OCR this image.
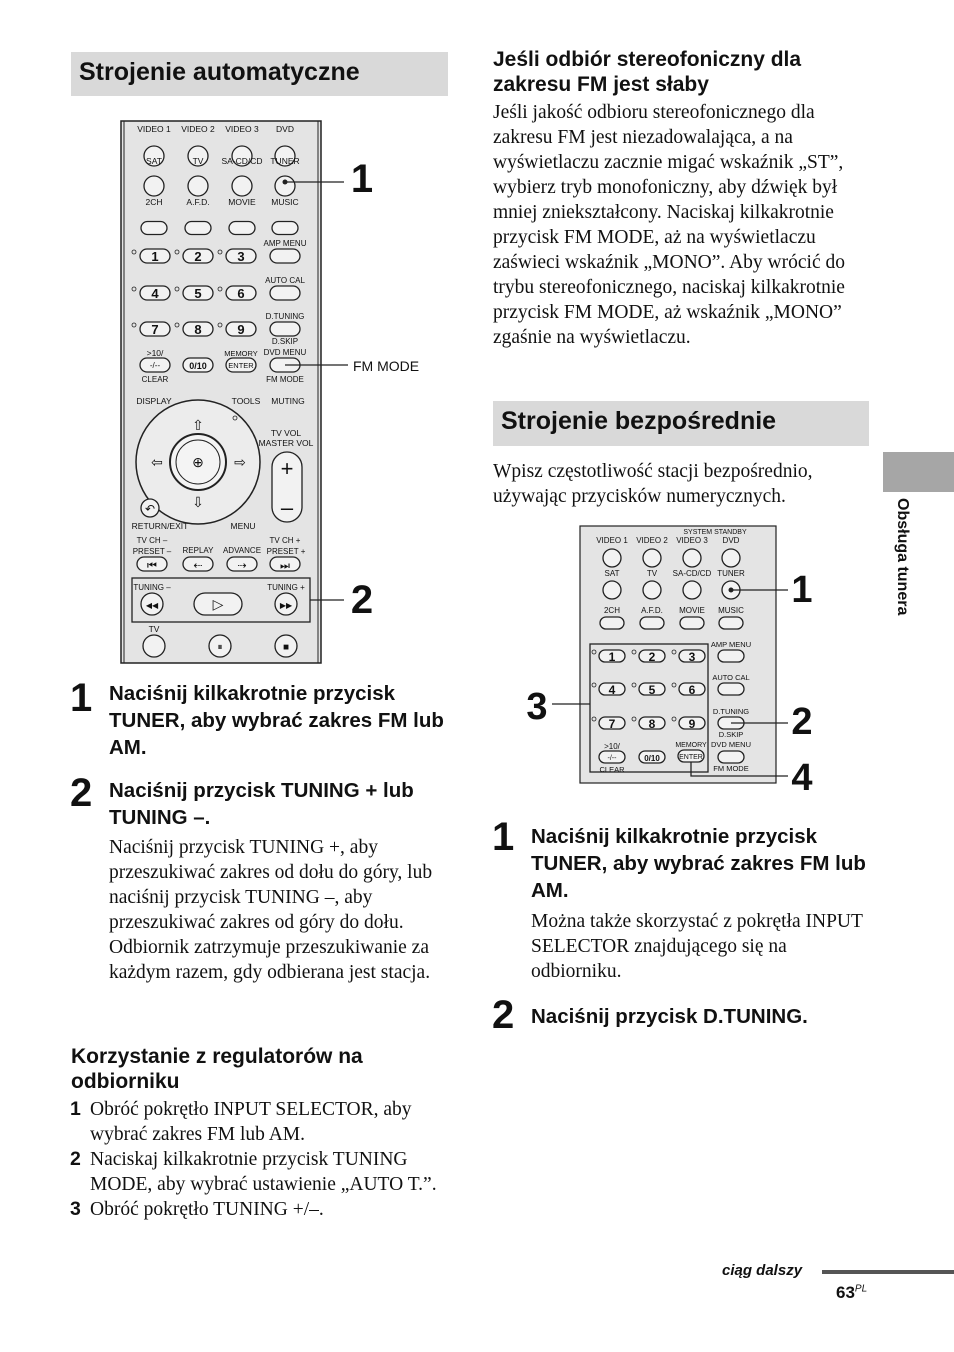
Strojenie automatyczne
VIDEO 1 VIDEO 2 VIDEO 3 DVD
SAT	TV SA-CD/CD TUNER
2CH	A.F.D. MOVIE MUSIC
1	2	3
AMP MENU
4	5	6
AUTO CAL
7	8	9
D.TUNING
D.SKIP
>10/
-/--
CLEAR
0/10
MEMORY
ENTER
DVD MENU
FM MODE
1
FM MODE
DISPLAY	TOOLS MUTING
⊕
⇧
⇩
⇦	⇨
TV VOL
MASTER VOL
+
–
↶
RETURN/EXIT	MENU
TV CH –
PRESET – REPLAY ADVANCE
TV CH +
PRESET +
⏮	⇠	⇢	⏭
TUNING –	TUNING +
◀◀	▷	▶▶ 2
TV
⏸	■
1 Naciśnij kilkakrotnie przycisk TUNER, aby wybrać zakres FM lub AM.
2 Naciśnij przycisk TUNING + lub TUNING –.
Naciśnij przycisk TUNING +, aby przeszukiwać zakres od dołu do góry, lub naciśnij przycisk TUNING –, aby przeszukiwać zakres od góry do dołu. Odbiornik zatrzymuje przeszukiwanie za każdym razem, gdy odbierana jest stacja.
Korzystanie z regulatorów na odbiorniku
1 Obróć pokrętło INPUT SELECTOR, aby wybrać zakres FM lub AM.
2 Naciskaj kilkakrotnie przycisk TUNING MODE, aby wybrać ustawienie „AUTO T.”.
3 Obróć pokrętło TUNING +/–.
Jeśli odbiór stereofoniczny dla zakresu FM jest słaby
Jeśli jakość odbioru stereofonicznego dla zakresu FM jest niezadowalająca, a na wyświetlaczu zacznie migać wskaźnik „ST”, wybierz tryb monofoniczny, aby dźwięk był mniej zniekształcony. Naciskaj kilkakrotnie przycisk FM MODE, aż na wyświetlaczu zaświeci wskaźnik „MONO”. Aby wrócić do trybu stereofonicznego, naciskaj kilkakrotnie przycisk FM MODE, aż wskaźnik „MONO” zgaśnie na wyświetlaczu.
Strojenie bezpośrednie
Wpisz częstotliwość stacji bezpośrednio, używając przycisków numerycznych.
SYSTEM STANDBY
VIDEO 1 VIDEO 2 VIDEO 3 DVD
SAT	TV SA-CD/CD TUNER
2CH	A.F.D. MOVIE MUSIC
1	2	3
AMP MENU
4	5	6
AUTO CAL
7	8	9
D.TUNING
D.SKIP
>10/
-/--
CLEAR
0/10
MEMORY
ENTER
DVD MENU
FM MODE
1
2
3
4
1 Naciśnij kilkakrotnie przycisk TUNER, aby wybrać zakres FM lub AM.
Można także skorzystać z pokrętła INPUT SELECTOR znajdującego się na odbiorniku.
2 Naciśnij przycisk D.TUNING.
Obsługa tunera
ciąg dalszy
$63^{PL}$
